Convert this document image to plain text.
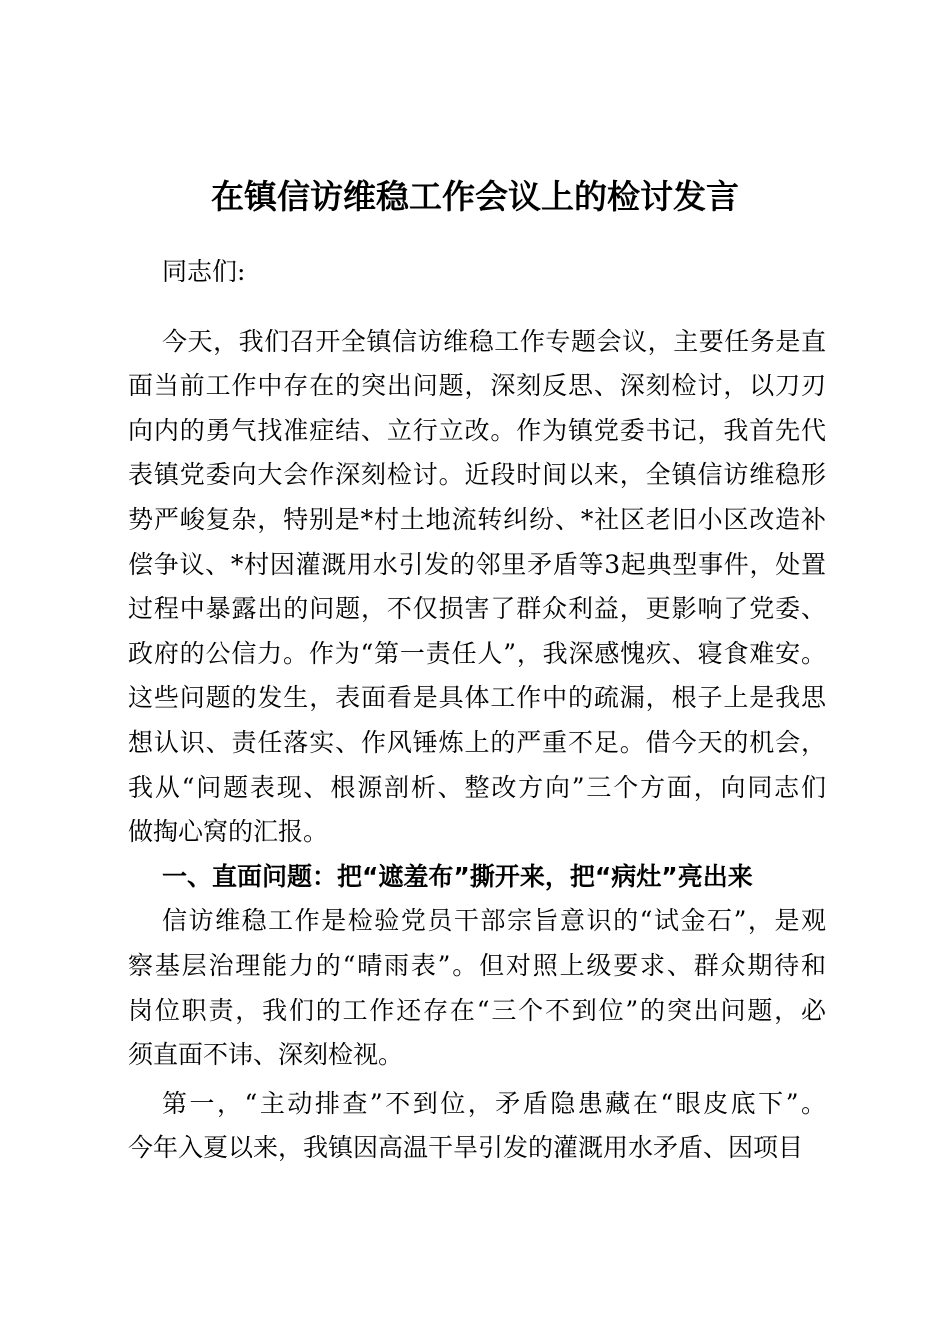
在镇信访维稳工作会议上的检讨发言
同志们:
今天，我们召开全镇信访维稳工作专题会议，主要任务是直
面当前工作中存在的突出问题，深刻反思、深刻检讨，以刀刃
向内的勇气找准症结、立行立改。作为镇党委书记，我首先代
表镇党委向大会作深刻检讨。近段时间以来，全镇信访维稳形
势严峻复杂，特别是*村土地流转纠纷、*社区老旧小区改造补
偿争议、*村因灌溉用水引发的邻里矛盾等3起典型事件，处置
过程中暴露出的问题，不仅损害了群众利益，更影响了党委、
政府的公信力。作为“第一责任人”，我深感愧疚、寝食难安。
这些问题的发生，表面看是具体工作中的疏漏，根子上是我思
想认识、责任落实、作风锤炼上的严重不足。借今天的机会，
我从“问题表现、根源剖析、整改方向”三个方面，向同志们
做掏心窝的汇报。
一、直面问题：把“遮羞布”撕开来，把“病灶”亮出来
信访维稳工作是检验党员干部宗旨意识的“试金石”，是观
察基层治理能力的“晴雨表”。但对照上级要求、群众期待和
岗位职责，我们的工作还存在“三个不到位”的突出问题，必
须直面不讳、深刻检视。
第一，“主动排查”不到位，矛盾隐患藏在“眼皮底下”。
今年入夏以来，我镇因高温干旱引发的灌溉用水矛盾、因项目
